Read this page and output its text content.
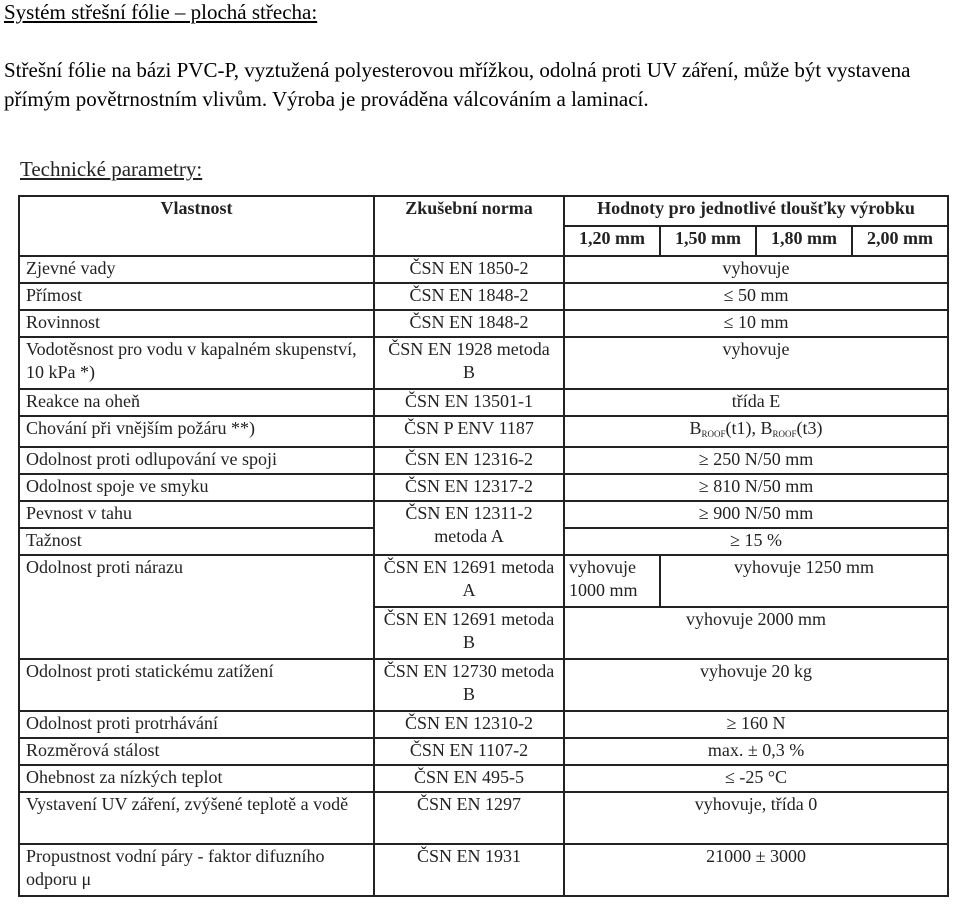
Systém střešní fólie – plochá střecha:
Střešní fólie na bázi PVC-P, vyztužená polyesterovou mřížkou, odolná proti UV záření, může být vystavena přímým povětrnostním vlivům. Výroba je prováděna válcováním a laminací.
Technické parametry:
Vlastnost	Zkušební norma	Hodnoty pro jednotlivé tloušťky výrobku			
		1,20 mm	1,50 mm	1,80 mm	2,00 mm
Zjevné vady	ČSN EN 1850-2	vyhovuje			
Přímost	ČSN EN 1848-2	≤ 50 mm			
Rovinnost	ČSN EN 1848-2	≤ 10 mm			
Vodotěsnost pro vodu v kapalném skupenství, 10 kPa *)	ČSN EN 1928 metoda B	vyhovuje			
Reakce na oheň	ČSN EN 13501-1	třída E			
Chování při vnějším požáru **)	ČSN P ENV 1187	$B_{ROOF}(t1)$, $B_{ROOF}(t3)$			
Odolnost proti odlupování ve spoji	ČSN EN 12316-2	≥ 250 N/50 mm			
Odolnost spoje ve smyku	ČSN EN 12317-2	≥ 810 N/50 mm			
Pevnost v tahu	ČSN EN 12311-2 metoda A	≥ 900 N/50 mm			
Tažnost		≥ 15 %			
Odolnost proti nárazu	ČSN EN 12691 metoda A	vyhovuje 1000 mm	vyhovuje 1250 mm		
	ČSN EN 12691 metoda B	vyhovuje 2000 mm			
Odolnost proti statickému zatížení	ČSN EN 12730 metoda B	vyhovuje 20 kg			
Odolnost proti protrhávání	ČSN EN 12310-2	≥ 160 N			
Rozměrová stálost	ČSN EN 1107-2	max. ± 0,3 %			
Ohebnost za nízkých teplot	ČSN EN 495-5	≤ -25 °C			
Vystavení UV záření, zvýšené teplotě a vodě	ČSN EN 1297	vyhovuje, třída 0			
Propustnost vodní páry - faktor difuzního odporu μ	ČSN EN 1931	21000 ± 3000			
